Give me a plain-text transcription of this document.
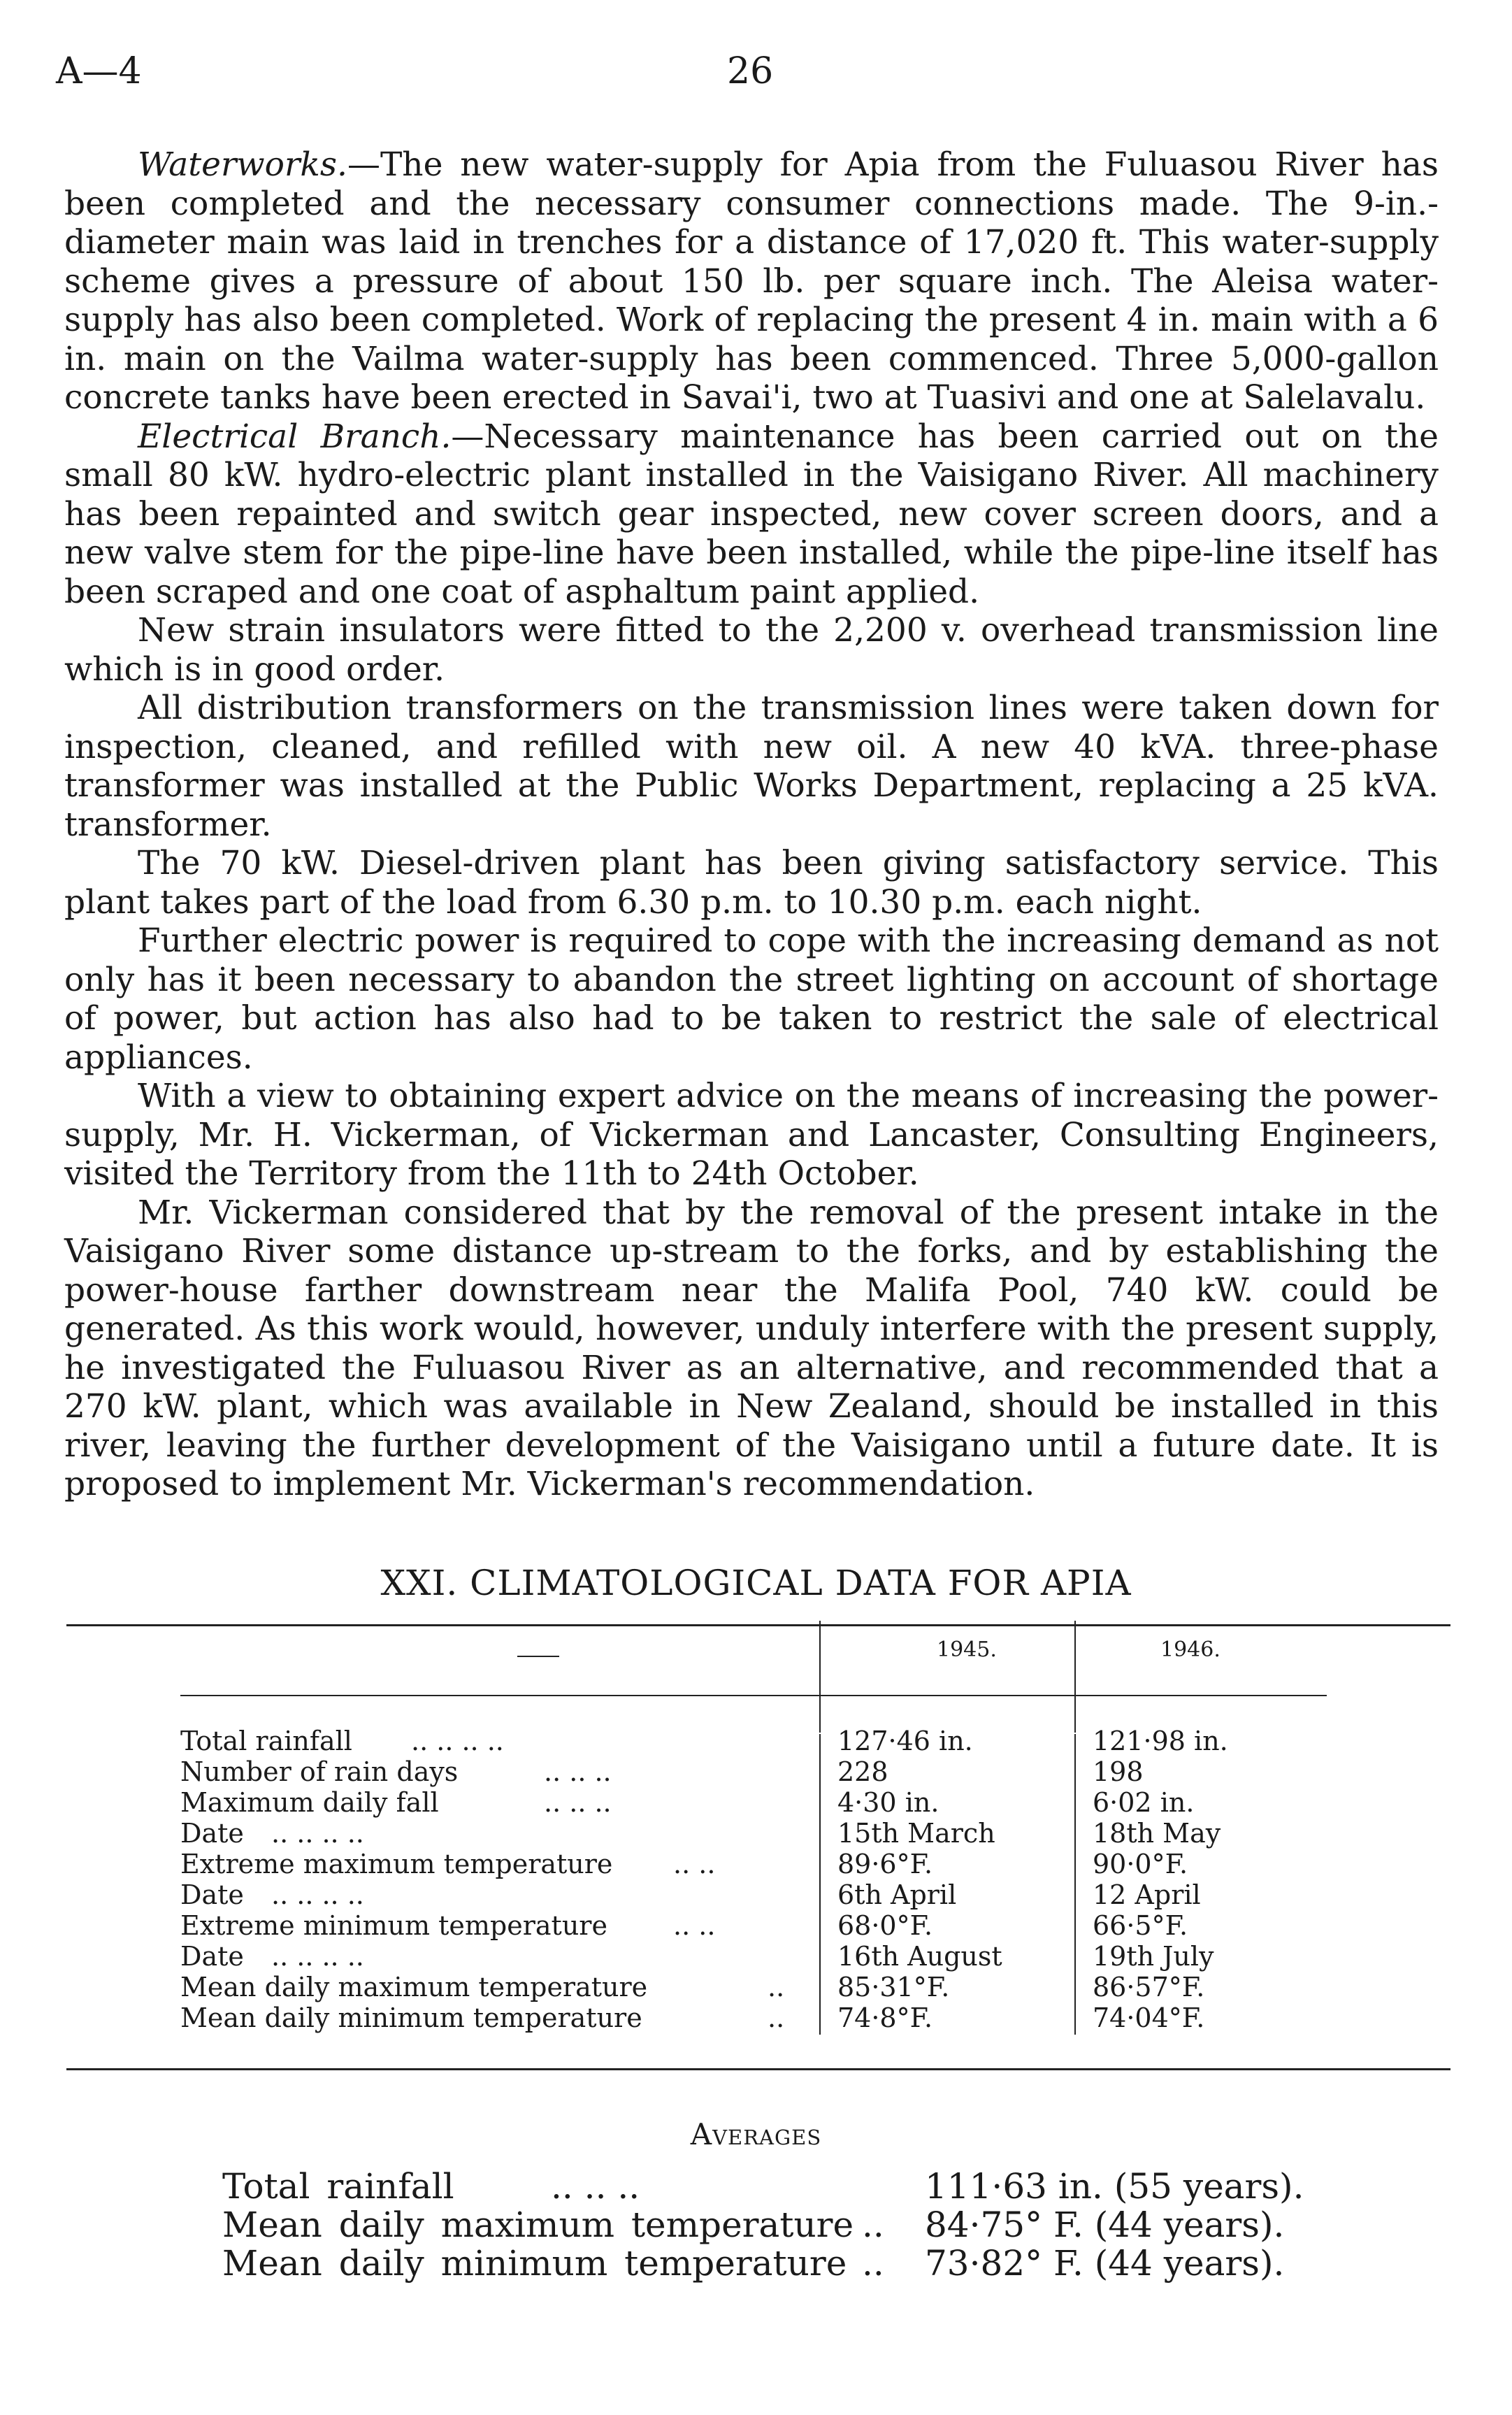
A—4	26

Waterworks.—The new water-supply for Apia from the Fuluasou River has been completed and the necessary consumer connections made. The 9-in.-diameter main was laid in trenches for a distance of 17,020 ft. This water-supply scheme gives a pressure of about 150 lb. per square inch. The Aleisa water-supply has also been completed. Work of replacing the present 4 in. main with a 6 in. main on the Vailma water-supply has been commenced. Three 5,000-gallon concrete tanks have been erected in Savai'i, two at Tuasivi and one at Salelavalu.

Electrical Branch.—Necessary maintenance has been carried out on the small 80 kW. hydro-electric plant installed in the Vaisigano River. All machinery has been repainted and switch gear inspected, new cover screen doors, and a new valve stem for the pipe-line have been installed, while the pipe-line itself has been scraped and one coat of asphaltum paint applied.

New strain insulators were fitted to the 2,200 v. overhead transmission line which is in good order.

All distribution transformers on the transmission lines were taken down for inspection, cleaned, and refilled with new oil. A new 40 kVA. three-phase transformer was installed at the Public Works Department, replacing a 25 kVA. transformer.

The 70 kW. Diesel-driven plant has been giving satisfactory service. This plant takes part of the load from 6.30 p.m. to 10.30 p.m. each night.

Further electric power is required to cope with the increasing demand as not only has it been necessary to abandon the street lighting on account of shortage of power, but action has also had to be taken to restrict the sale of electrical appliances.

With a view to obtaining expert advice on the means of increasing the power-supply, Mr. H. Vickerman, of Vickerman and Lancaster, Consulting Engineers, visited the Territory from the 11th to 24th October.

Mr. Vickerman considered that by the removal of the present intake in the Vaisigano River some distance up-stream to the forks, and by establishing the power-house farther downstream near the Malifa Pool, 740 kW. could be generated. As this work would, however, unduly interfere with the present supply, he investigated the Fuluasou River as an alternative, and recommended that a 270 kW. plant, which was available in New Zealand, should be installed in this river, leaving the further development of the Vaisigano until a future date. It is proposed to implement Mr. Vickerman's recommendation.

XXI. CLIMATOLOGICAL DATA FOR APIA
1945.	1946.
Total rainfall .. .. .. ..	127·46 in.	121·98 in.
Number of rain days	.. .. ..	228	198
Maximum daily fall	.. .. ..	4·30 in.	6·02 in.
Date .. .. .. ..	15th March	18th May
Extreme maximum temperature .. ..	89·6°F.	90·0°F.
Date .. .. .. ..	6th April	12 April
Extreme minimum temperature .. ..	68·0°F.	66·5°F.
Date .. .. .. ..	16th August	19th July
Mean daily maximum temperature	.. 85·31°F.	86·57°F.
Mean daily minimum temperature	.. 74·8°F.	74·04°F.
Averages
Total rainfall	.. .. ..	111·63 in. (55 years).
Mean daily maximum temperature .. 84·75° F. (44 years).
Mean daily minimum temperature .. 73·82° F. (44 years).
